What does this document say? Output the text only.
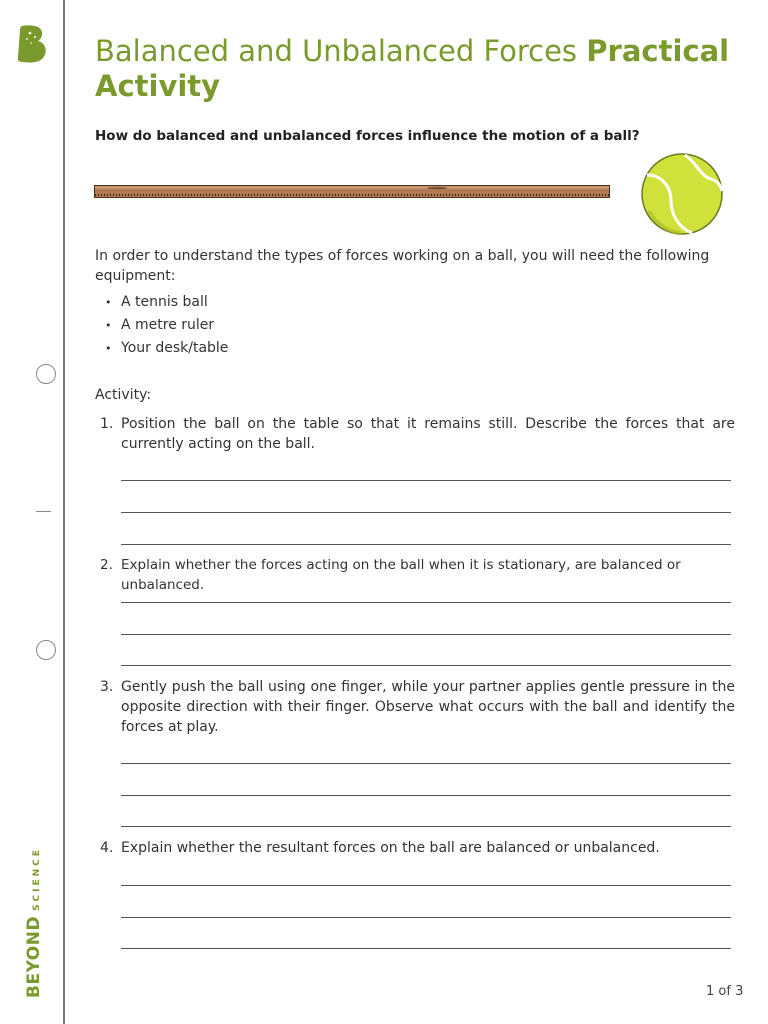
BEYONDSCIENCE
Balanced and Unbalanced Forces Practical Activity
How do balanced and unbalanced forces influence the motion of a ball?

In order to understand the types of forces working on a ball, you will need the following equipment:

• A tennis ball
• A metre ruler
• Your desk/table
Activity:
1. Position the ball on the table so that it remains still. Describe the forces that are currently acting on the ball.
2. Explain whether the forces acting on the ball when it is stationary, are balanced or unbalanced.
3. Gently push the ball using one finger, while your partner applies gentle pressure in the opposite direction with their finger. Observe what occurs with the ball and identify the forces at play.
4. Explain whether the resultant forces on the ball are balanced or unbalanced.
1 of 3
